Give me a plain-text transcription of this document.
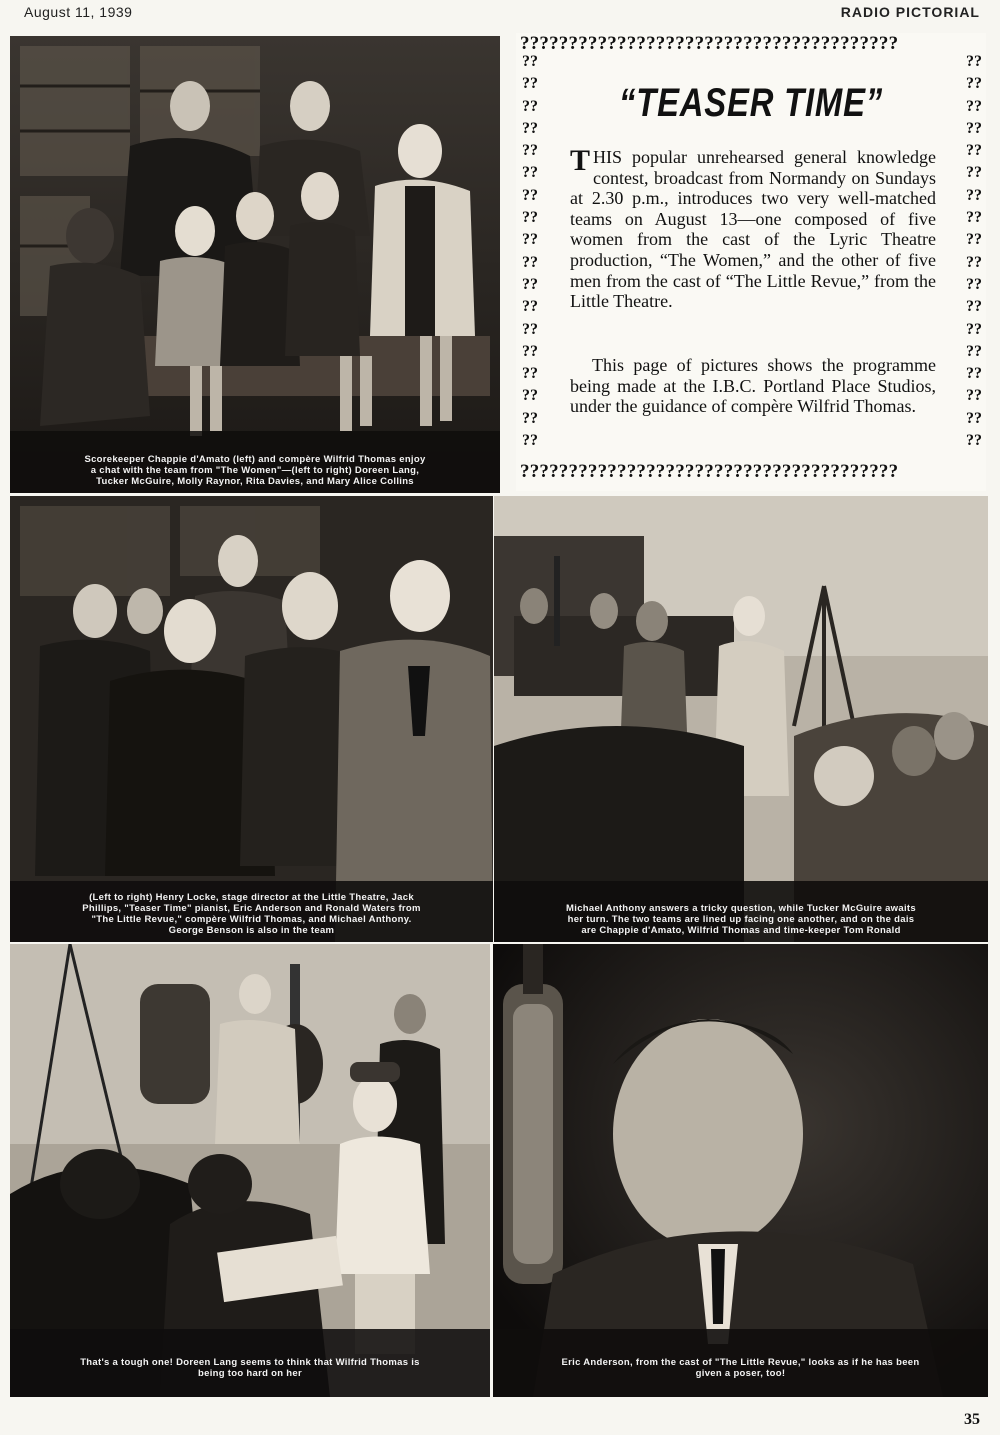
August 11, 1939	RADIO PICTORIAL
Scorekeeper Chappie d'Amato (left) and compère Wilfrid Thomas enjoy
a chat with the team from "The Women"—(left to right) Doreen Lang,
Tucker McGuire, Molly Raynor, Rita Davies, and Mary Alice Collins
???????????????????????????????????????
???????????????????????????????????????
??
??
??
??
??
??
??
??
??
??
??
??
??
??
??
??
??
??
??
??
??
??
??
??
??
??
??
??
??
??
??
??
??
??
??
??
“TEASER TIME”
THIS popular unrehearsed general knowledge contest, broadcast from Normandy on Sundays at 2.30 p.m., introduces two very well-matched teams on August 13—one composed of five women from the cast of the Lyric Theatre production, “The Women,” and the other of five men from the cast of “The Little Revue,” from the Little Theatre.
This page of pictures shows the programme being made at the I.B.C. Portland Place Studios, under the guidance of compère Wilfrid Thomas.
(Left to right) Henry Locke, stage director at the Little Theatre, Jack
Phillips, "Teaser Time" pianist, Eric Anderson and Ronald Waters from
"The Little Revue," compère Wilfrid Thomas, and Michael Anthony.
George Benson is also in the team
Michael Anthony answers a tricky question, while Tucker McGuire awaits
her turn. The two teams are lined up facing one another, and on the dais
are Chappie d'Amato, Wilfrid Thomas and time-keeper Tom Ronald
That's a tough one! Doreen Lang seems to think that Wilfrid Thomas is
being too hard on her
Eric Anderson, from the cast of "The Little Revue," looks as if he has been
given a poser, too!
35
